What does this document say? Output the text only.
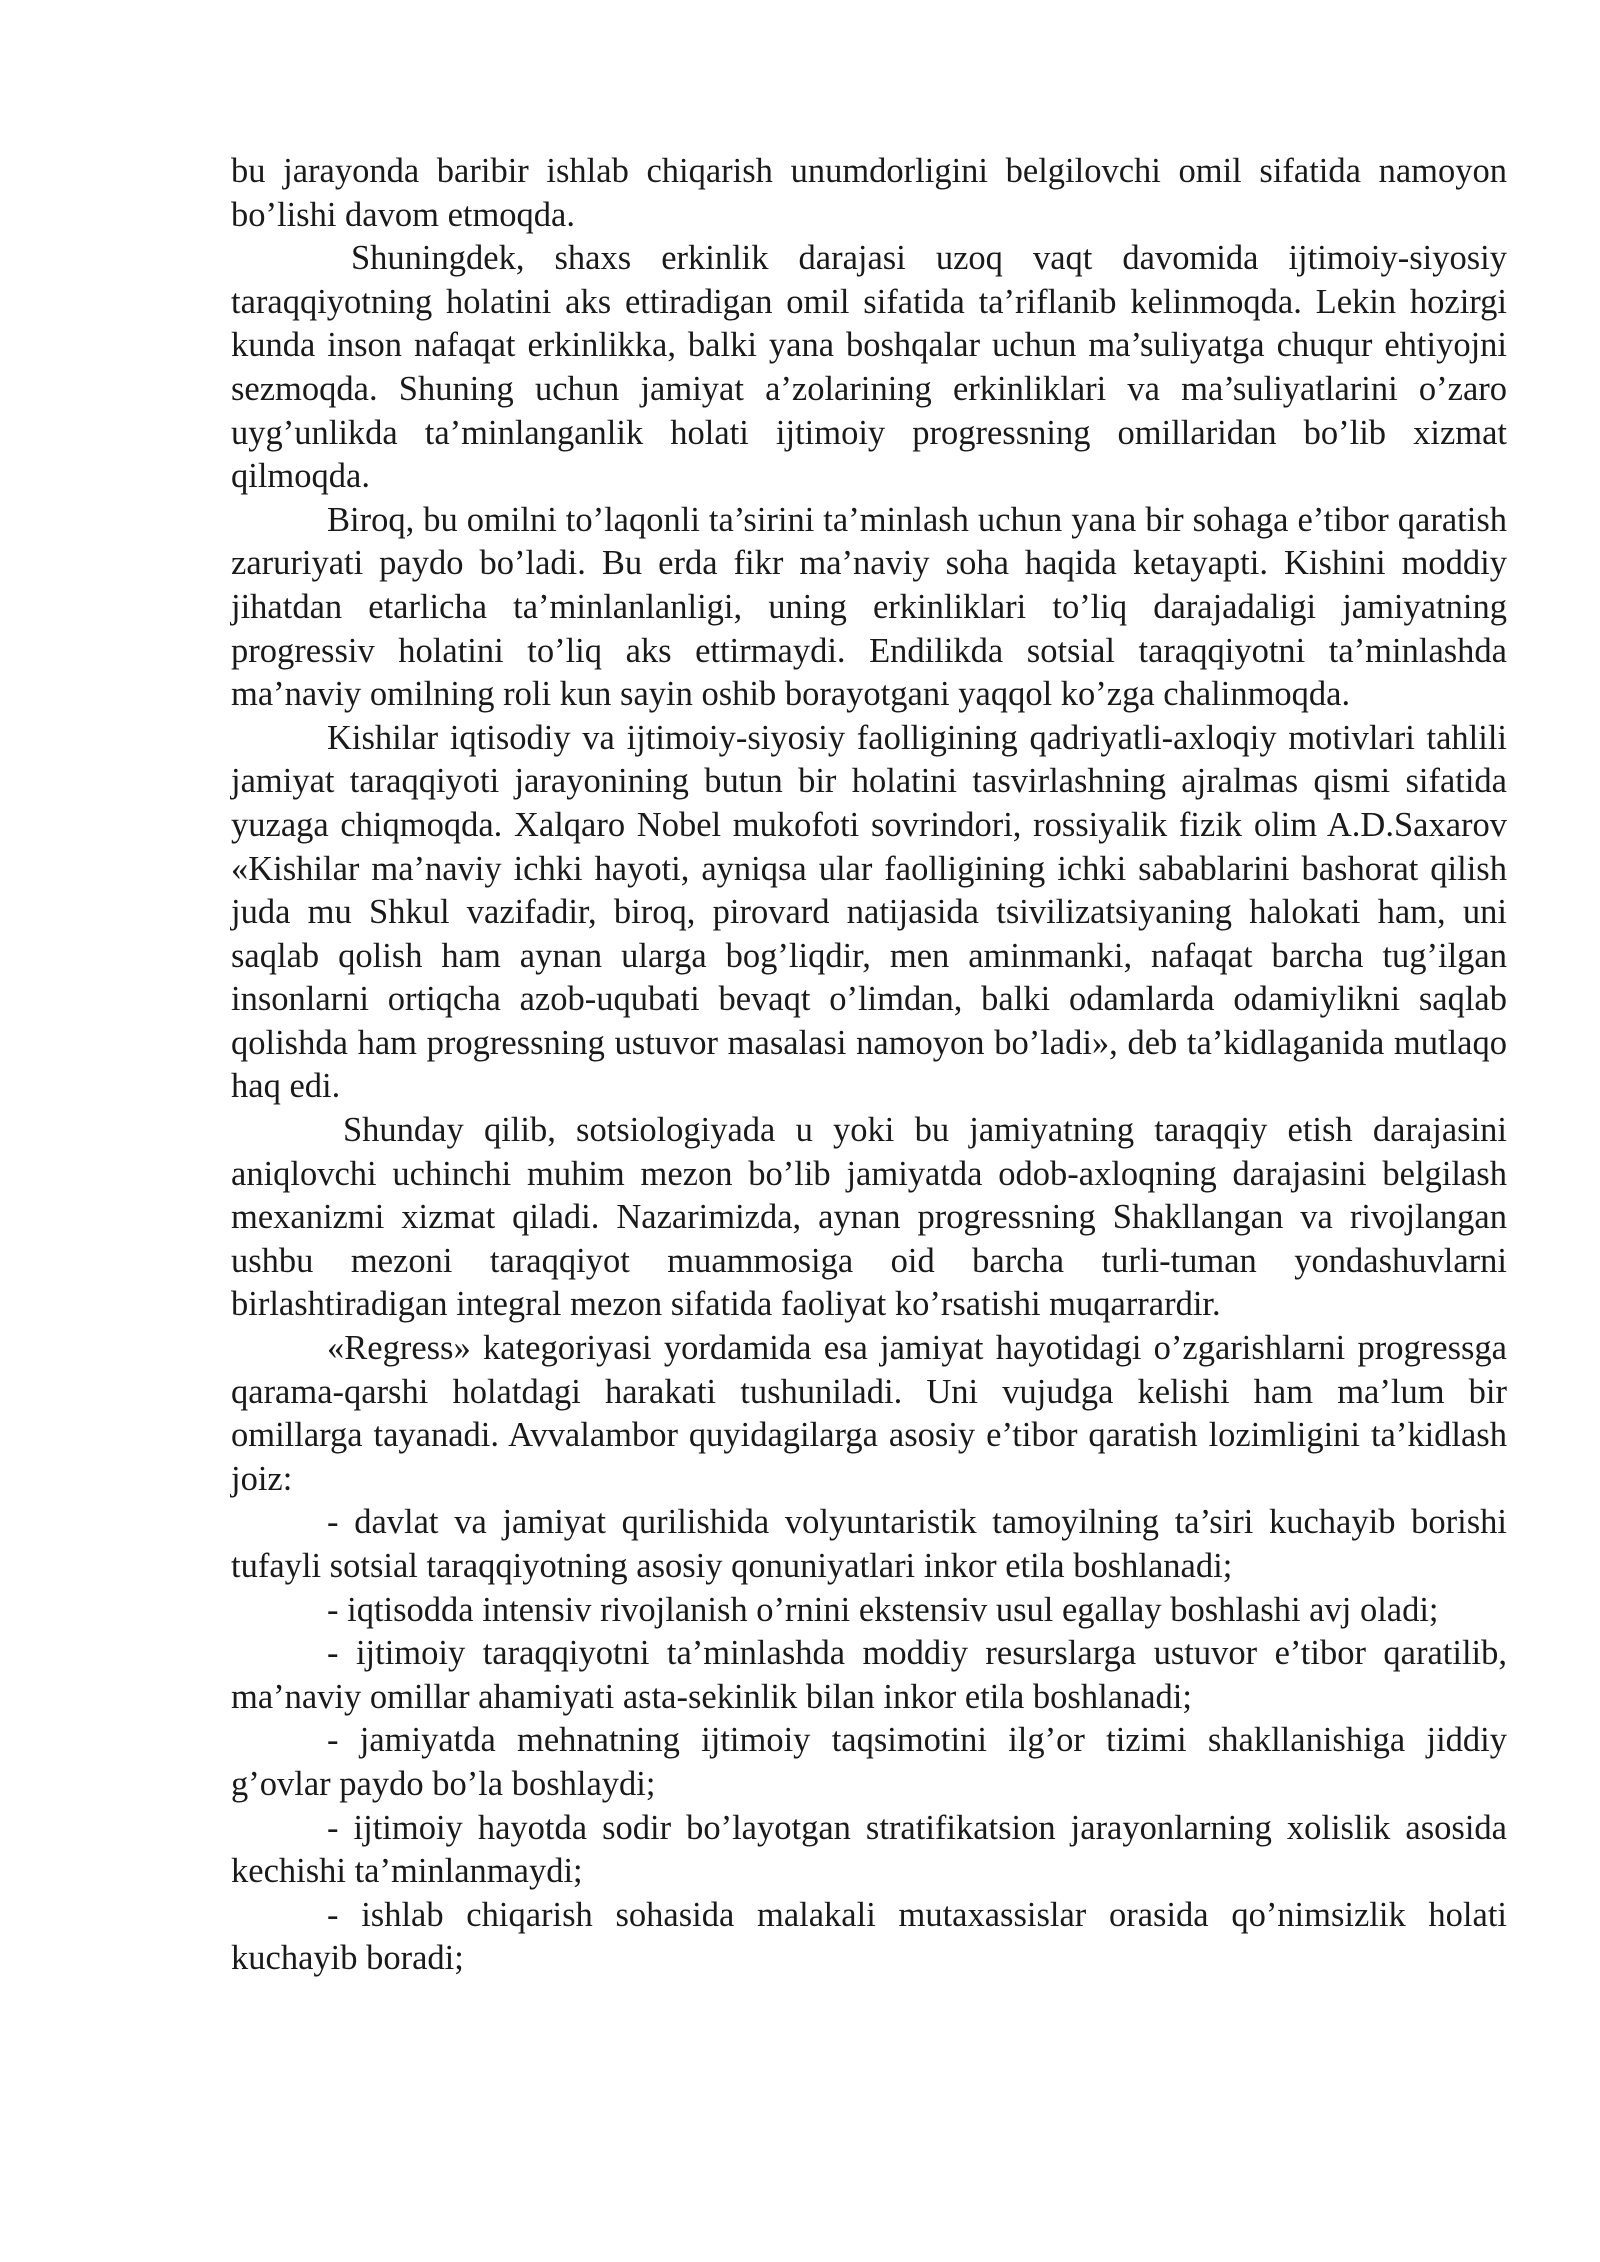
bu jarayonda baribir ishlab chiqarish unumdorligini belgilovchi omil sifatida namoyon bo’lishi davom etmoqda.

Shuningdek, shaxs erkinlik darajasi uzoq vaqt davomida ijtimoiy-siyosiy taraqqiyotning holatini aks ettiradigan omil sifatida ta’riflanib kelinmoqda. Lekin hozirgi kunda inson nafaqat erkinlikka, balki yana boshqalar uchun ma’suliyatga chuqur ehtiyojni sezmoqda. Shuning uchun jamiyat a’zolarining erkinliklari va ma’suliyatlarini o’zaro uyg’unlikda ta’minlanganlik holati ijtimoiy progressning omillaridan bo’lib xizmat qilmoqda.

Biroq, bu omilni to’laqonli ta’sirini ta’minlash uchun yana bir sohaga e’tibor qaratish zaruriyati paydo bo’ladi. Bu erda fikr ma’naviy soha haqida ketayapti. Kishini moddiy jihatdan etarlicha ta’minlanlanligi, uning erkinliklari to’liq darajadaligi jamiyatning progressiv holatini to’liq aks ettirmaydi. Endilikda sotsial taraqqiyotni ta’minlashda ma’naviy omilning roli kun sayin oshib borayotgani yaqqol ko’zga chalinmoqda.

Kishilar iqtisodiy va ijtimoiy-siyosiy faolligining qadriyatli-axloqiy motivlari tahlili jamiyat taraqqiyoti jarayonining butun bir holatini tasvirlashning ajralmas qismi sifatida yuzaga chiqmoqda. Xalqaro Nobel mukofoti sovrindori, rossiyalik fizik olim A.D.Saxarov «Kishilar ma’naviy ichki hayoti, ayniqsa ular faolligining ichki sabablarini bashorat qilish juda mu Shkul vazifadir, biroq, pirovard natijasida tsivilizatsiyaning halokati ham, uni saqlab qolish ham aynan ularga bog’liqdir, men aminmanki, nafaqat barcha tug’ilgan insonlarni ortiqcha azob-uqubati bevaqt o’limdan, balki odamlarda odamiylikni saqlab qolishda ham progressning ustuvor masalasi namoyon bo’ladi», deb ta’kidlaganida mutlaqo haq edi.

Shunday qilib, sotsiologiyada u yoki bu jamiyatning taraqqiy etish darajasini aniqlovchi uchinchi muhim mezon bo’lib jamiyatda odob-axloqning darajasini belgilash mexanizmi xizmat qiladi. Nazarimizda, aynan progressning Shakllangan va rivojlangan ushbu mezoni taraqqiyot muammosiga oid barcha turli-tuman yondashuvlarni birlashtiradigan integral mezon sifatida faoliyat ko’rsatishi muqarrardir.

«Regress» kategoriyasi yordamida esa jamiyat hayotidagi o’zgarishlarni progressga qarama-qarshi holatdagi harakati tushuniladi. Uni vujudga kelishi ham ma’lum bir omillarga tayanadi. Avvalambor quyidagilarga asosiy e’tibor qaratish lozimligini ta’kidlash joiz:

- davlat va jamiyat qurilishida volyuntaristik tamoyilning ta’siri kuchayib borishi tufayli sotsial taraqqiyotning asosiy qonuniyatlari inkor etila boshlanadi;

- iqtisodda intensiv rivojlanish o’rnini ekstensiv usul egallay boshlashi avj oladi;

- ijtimoiy taraqqiyotni ta’minlashda moddiy resurslarga ustuvor e’tibor qaratilib, ma’naviy omillar ahamiyati asta-sekinlik bilan inkor etila boshlanadi;

- jamiyatda mehnatning ijtimoiy taqsimotini ilg’or tizimi shakllanishiga jiddiy g’ovlar paydo bo’la boshlaydi;

- ijtimoiy hayotda sodir bo’layotgan stratifikatsion jarayonlarning xolislik asosida kechishi ta’minlanmaydi;

- ishlab chiqarish sohasida malakali mutaxassislar orasida qo’nimsizlik holati kuchayib boradi;
